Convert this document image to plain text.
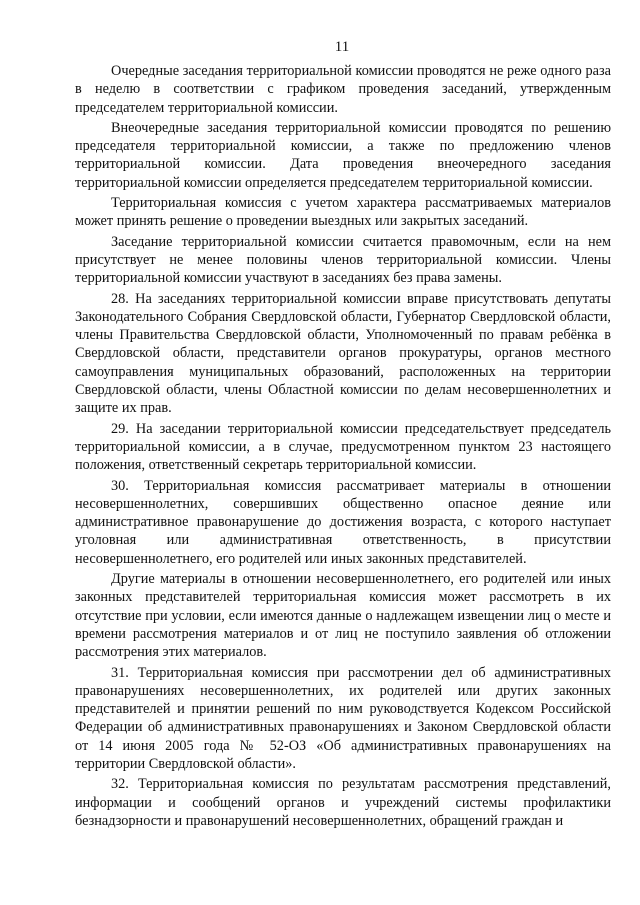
11

Очередные заседания территориальной комиссии проводятся не реже одного раза в неделю в соответствии с графиком проведения заседаний, утвержденным председателем территориальной комиссии.

Внеочередные заседания территориальной комиссии проводятся по решению председателя территориальной комиссии, а также по предложению членов территориальной комиссии. Дата проведения внеочередного заседания территориальной комиссии определяется председателем территориальной комиссии.

Территориальная комиссия с учетом характера рассматриваемых материалов может принять решение о проведении выездных или закрытых заседаний.

Заседание территориальной комиссии считается правомочным, если на нем присутствует не менее половины членов территориальной комиссии. Члены территориальной комиссии участвуют в заседаниях без права замены.

28. На заседаниях территориальной комиссии вправе присутствовать депутаты Законодательного Собрания Свердловской области, Губернатор Свердловской области, члены Правительства Свердловской области, Уполномоченный по правам ребёнка в Свердловской области, представители органов прокуратуры, органов местного самоуправления муниципальных образований, расположенных на территории Свердловской области, члены Областной комиссии по делам несовершеннолетних и защите их прав.

29. На заседании территориальной комиссии председательствует председатель территориальной комиссии, а в случае, предусмотренном пунктом 23 настоящего положения, ответственный секретарь территориальной комиссии.

30. Территориальная комиссия рассматривает материалы в отношении несовершеннолетних, совершивших общественно опасное деяние или административное правонарушение до достижения возраста, с которого наступает уголовная или административная ответственность, в присутствии несовершеннолетнего, его родителей или иных законных представителей.

Другие материалы в отношении несовершеннолетнего, его родителей или иных законных представителей территориальная комиссия может рассмотреть в их отсутствие при условии, если имеются данные о надлежащем извещении лиц о месте и времени рассмотрения материалов и от лиц не поступило заявления об отложении рассмотрения этих материалов.

31. Территориальная комиссия при рассмотрении дел об административных правонарушениях несовершеннолетних, их родителей или других законных представителей и принятии решений по ним руководствуется Кодексом Российской Федерации об административных правонарушениях и Законом Свердловской области от 14 июня 2005 года № 52-ОЗ «Об административных правонарушениях на территории Свердловской области».

32. Территориальная комиссия по результатам рассмотрения представлений, информации и сообщений органов и учреждений системы профилактики безнадзорности и правонарушений несовершеннолетних, обращений граждан и
